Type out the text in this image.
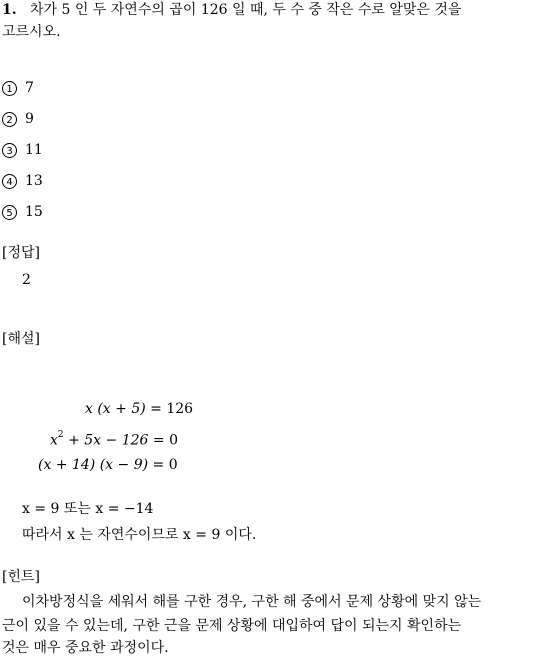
1. 차가 5 인 두 자연수의 곱이 126 일 때, 두 수 중 작은 수로 알맞은 것을
고르시오.
1 7
2 9
3 11
4 13
5 15
[정답]
2
[해설]
x (x + 5) = 126
$x^2 + 5x - 126 = 0$
(x + 14) (x − 9) = 0
x = 9 또는 x = −14
따라서 x 는 자연수이므로 x = 9 이다.
[힌트]
이차방정식을 세워서 해를 구한 경우, 구한 해 중에서 문제 상황에 맞지 않는
근이 있을 수 있는데, 구한 근을 문제 상황에 대입하여 답이 되는지 확인하는
것은 매우 중요한 과정이다.
